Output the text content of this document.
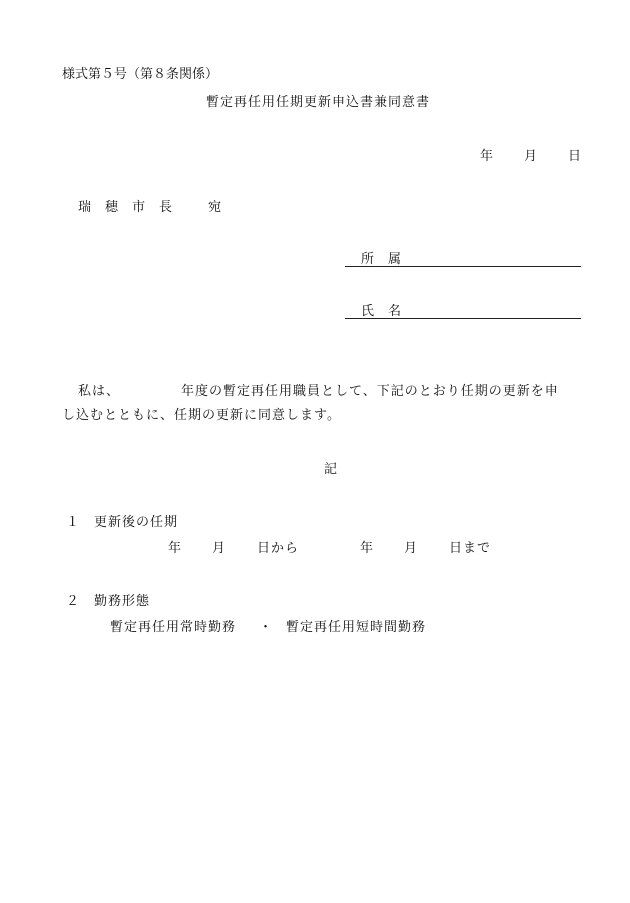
様式第５号（第８条関係）
暫定再任用任期更新申込書兼同意書
年 月 日
瑞穂市長 宛
所属
氏名
私は、	年度の暫定再任用職員として、下記のとおり任期の更新を申
し込むとともに、任期の更新に同意します。
記
１ 更新後の任期
年 月 日から	年 月 日まで
２ 勤務形態
暫定再任用常時勤務 ・ 暫定再任用短時間勤務
